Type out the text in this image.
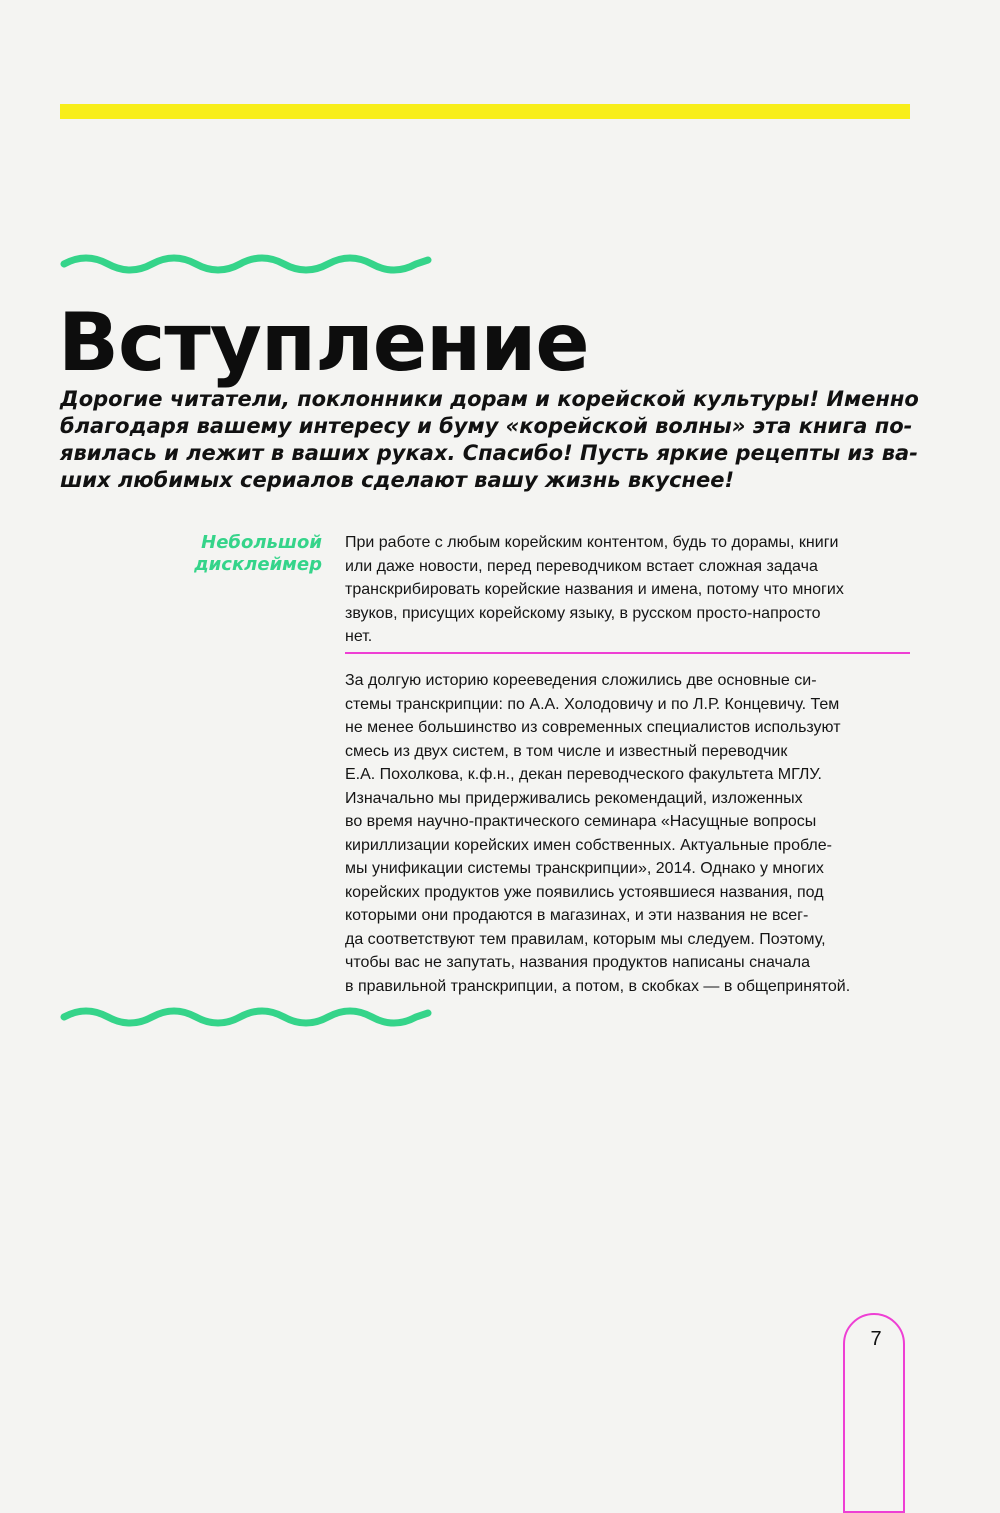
Вступление
Дорогие читатели, поклонники дорам и корейской культуры! Именно
благодаря вашему интересу и буму «корейской волны» эта книга по-
явилась и лежит в ваших руках. Спасибо! Пусть яркие рецепты из ва-
ших любимых сериалов сделают вашу жизнь вкуснее!
Небольшой
дисклеймер
При работе с любым корейским контентом, будь то дорамы, книги
или даже новости, перед переводчиком встает сложная задача
транскрибировать корейские названия и имена, потому что многих
звуков, присущих корейскому языку, в русском просто-напросто
нет.
За долгую историю корееведения сложились две основные си-
стемы транскрипции: по А.А. Холодовичу и по Л.Р. Концевичу. Тем
не менее большинство из современных специалистов используют
смесь из двух систем, в том числе и известный переводчик
Е.А. Похолкова, к.ф.н., декан переводческого факультета МГЛУ.
Изначально мы придерживались рекомендаций, изложенных
во время научно-практического семинара «Насущные вопросы
кириллизации корейских имен собственных. Актуальные пробле-
мы унификации системы транскрипции», 2014. Однако у многих
корейских продуктов уже появились устоявшиеся названия, под
которыми они продаются в магазинах, и эти названия не всег-
да соответствуют тем правилам, которым мы следуем. Поэтому,
чтобы вас не запутать, названия продуктов написаны сначала
в правильной транскрипции, а потом, в скобках — в общепринятой.
7
